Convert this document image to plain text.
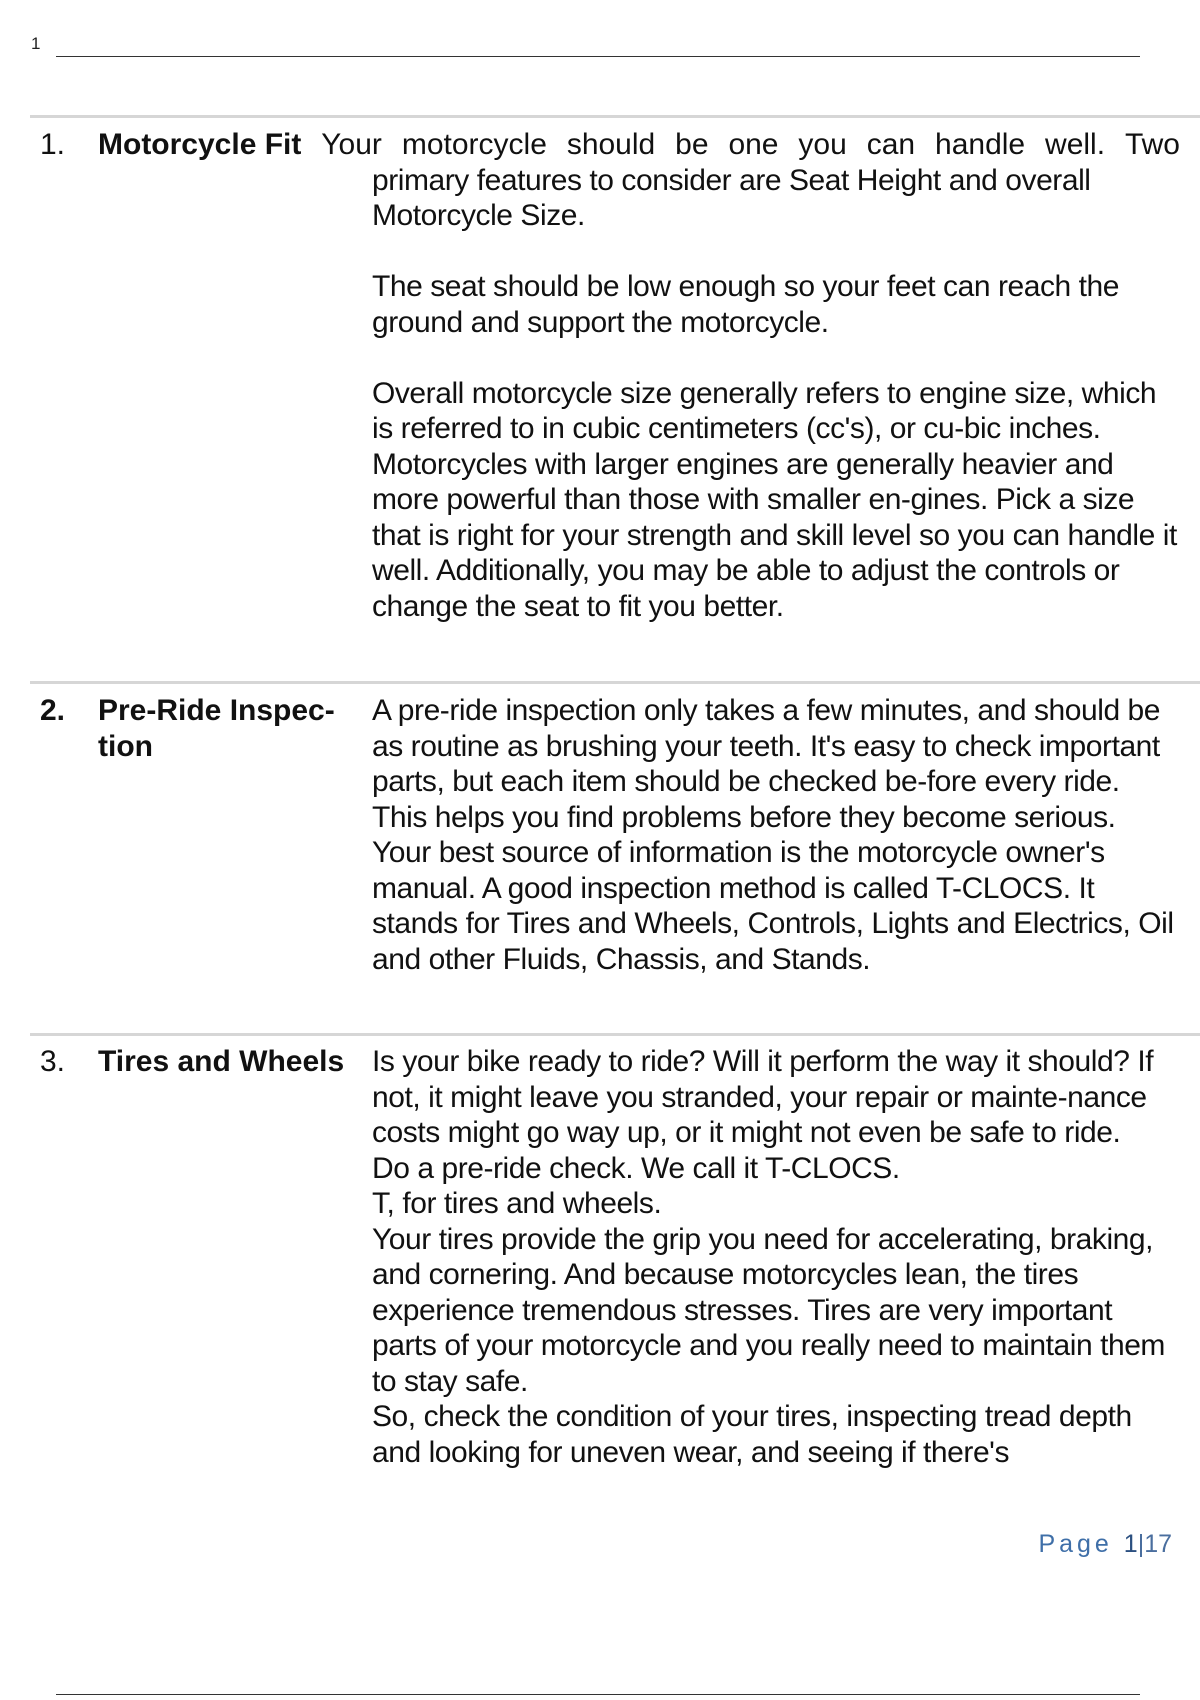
1
1. Motorcycle Fit Your motorcycle should be one you can handle well. Two

primary features to consider are Seat Height and overall Motorcycle Size.

The seat should be low enough so your feet can reach the ground and support the motorcycle.

Overall motorcycle size generally refers to engine size, which is referred to in cubic centimeters (cc's), or cu-bic inches. Motorcycles with larger engines are generally heavier and more powerful than those with smaller en-gines. Pick a size that is right for your strength and skill level so you can handle it well. Additionally, you may be able to adjust the controls or change the seat to fit you better.

2. Pre-Ride Inspec-
tion

A pre-ride inspection only takes a few minutes, and should be as routine as brushing your teeth. It's easy to check important parts, but each item should be checked be-fore every ride. This helps you find problems before they become serious. Your best source of information is the motorcycle owner's manual. A good inspection method is called T-CLOCS. It stands for Tires and Wheels, Controls, Lights and Electrics, Oil and other Fluids, Chassis, and Stands.

3. Tires and Wheels Is your bike ready to ride? Will it perform the way it should? If not, it might leave you stranded, your repair or mainte-nance costs might go way up, or it might not even be safe to ride.

Do a pre-ride check. We call it T-CLOCS.

T, for tires and wheels.

Your tires provide the grip you need for accelerating, braking, and cornering. And because motorcycles lean, the tires experience tremendous stresses. Tires are very important parts of your motorcycle and you really need to maintain them to stay safe.

So, check the condition of your tires, inspecting tread depth and looking for uneven wear, and seeing if there's

Page 1|17
